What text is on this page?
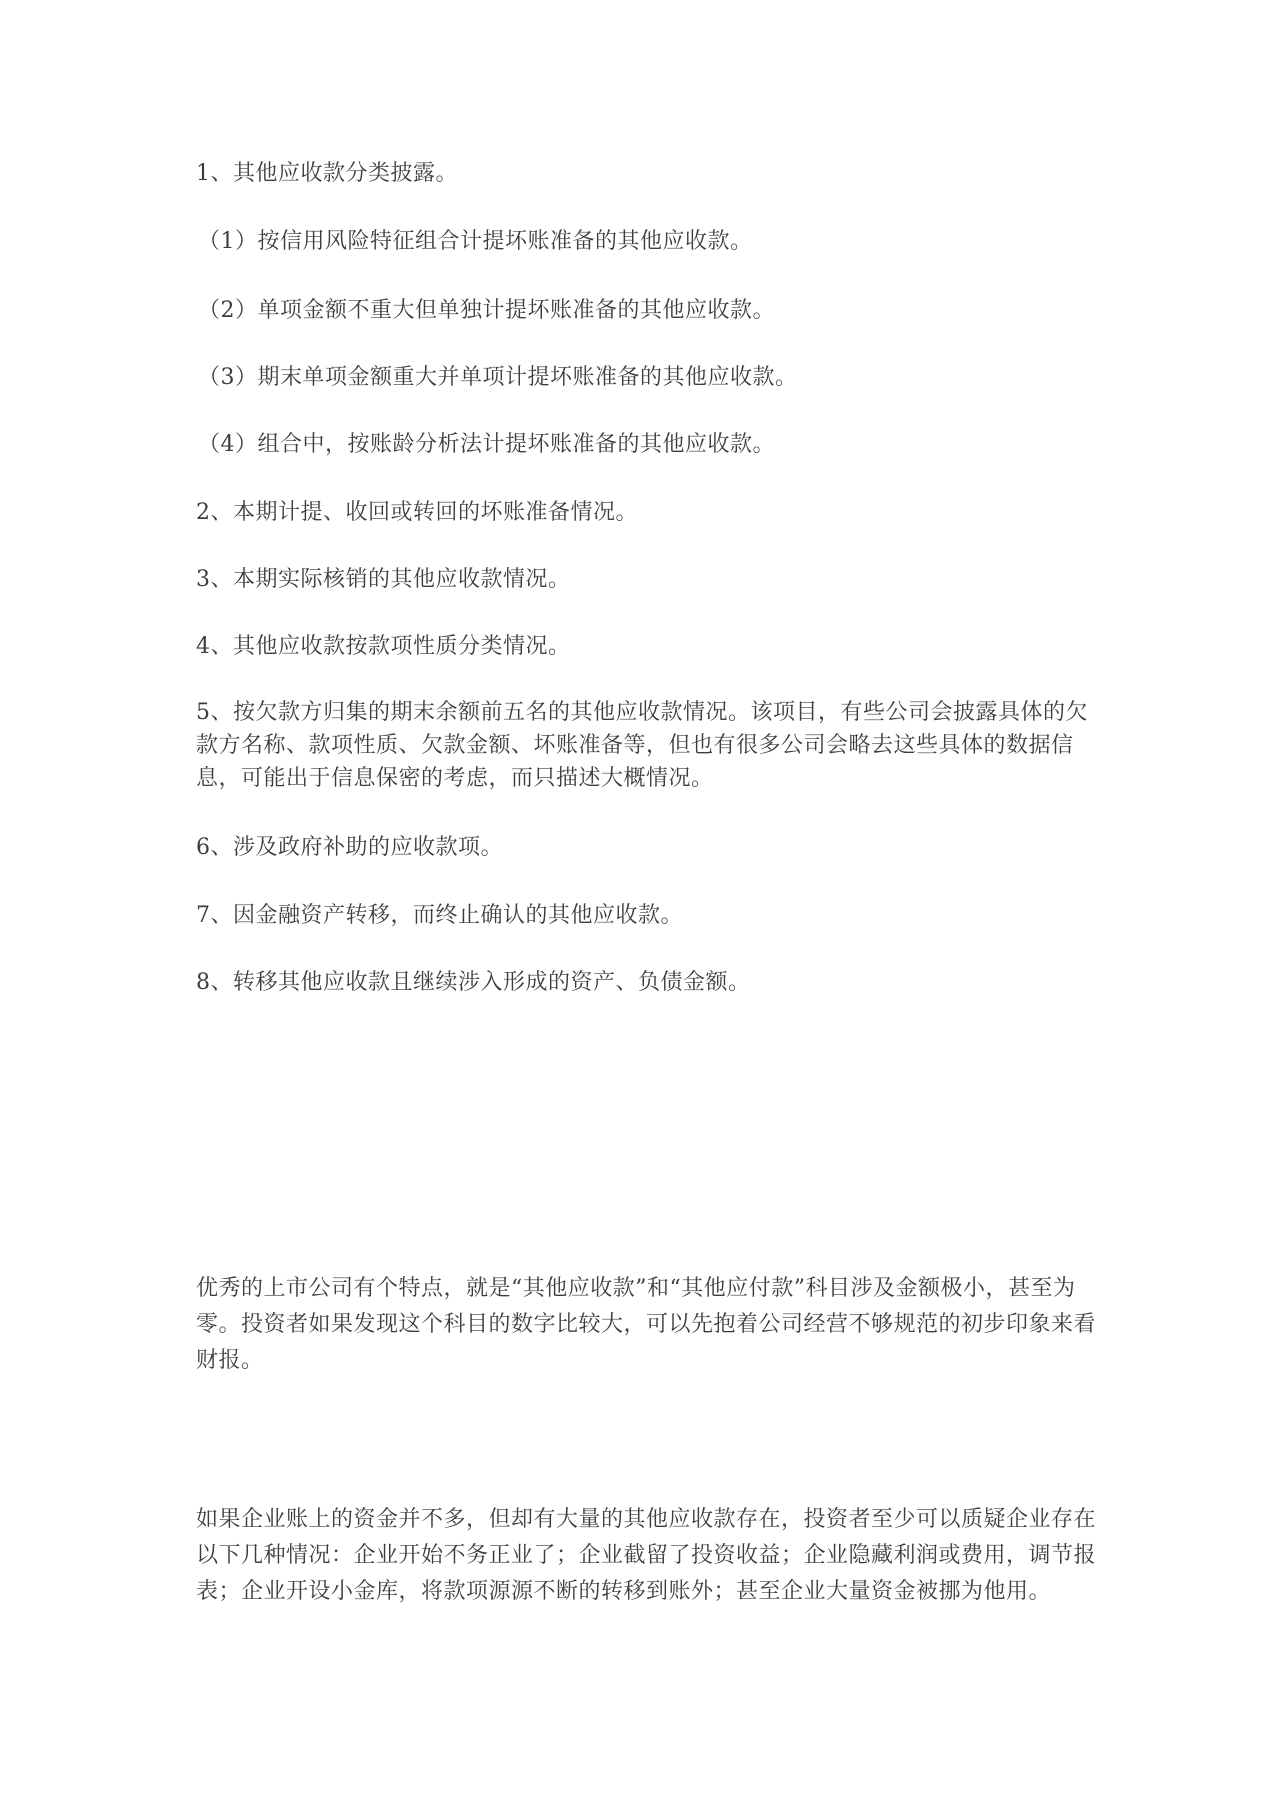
1、其他应收款分类披露。

（1）按信用风险特征组合计提坏账准备的其他应收款。

（2）单项金额不重大但单独计提坏账准备的其他应收款。

（3）期末单项金额重大并单项计提坏账准备的其他应收款。

（4）组合中，按账龄分析法计提坏账准备的其他应收款。

2、本期计提、收回或转回的坏账准备情况。

3、本期实际核销的其他应收款情况。

4、其他应收款按款项性质分类情况。

5、按欠款方归集的期末余额前五名的其他应收款情况。该项目，有些公司会披露具体的欠款方名称、款项性质、欠款金额、坏账准备等，但也有很多公司会略去这些具体的数据信息，可能出于信息保密的考虑，而只描述大概情况。

6、涉及政府补助的应收款项。

7、因金融资产转移，而终止确认的其他应收款。

8、转移其他应收款且继续涉入形成的资产、负债金额。

优秀的上市公司有个特点，就是“其他应收款”和“其他应付款”科目涉及金额极小，甚至为零。投资者如果发现这个科目的数字比较大，可以先抱着公司经营不够规范的初步印象来看财报。

如果企业账上的资金并不多，但却有大量的其他应收款存在，投资者至少可以质疑企业存在以下几种情况：企业开始不务正业了；企业截留了投资收益；企业隐藏利润或费用，调节报表；企业开设小金库，将款项源源不断的转移到账外；甚至企业大量资金被挪为他用。
